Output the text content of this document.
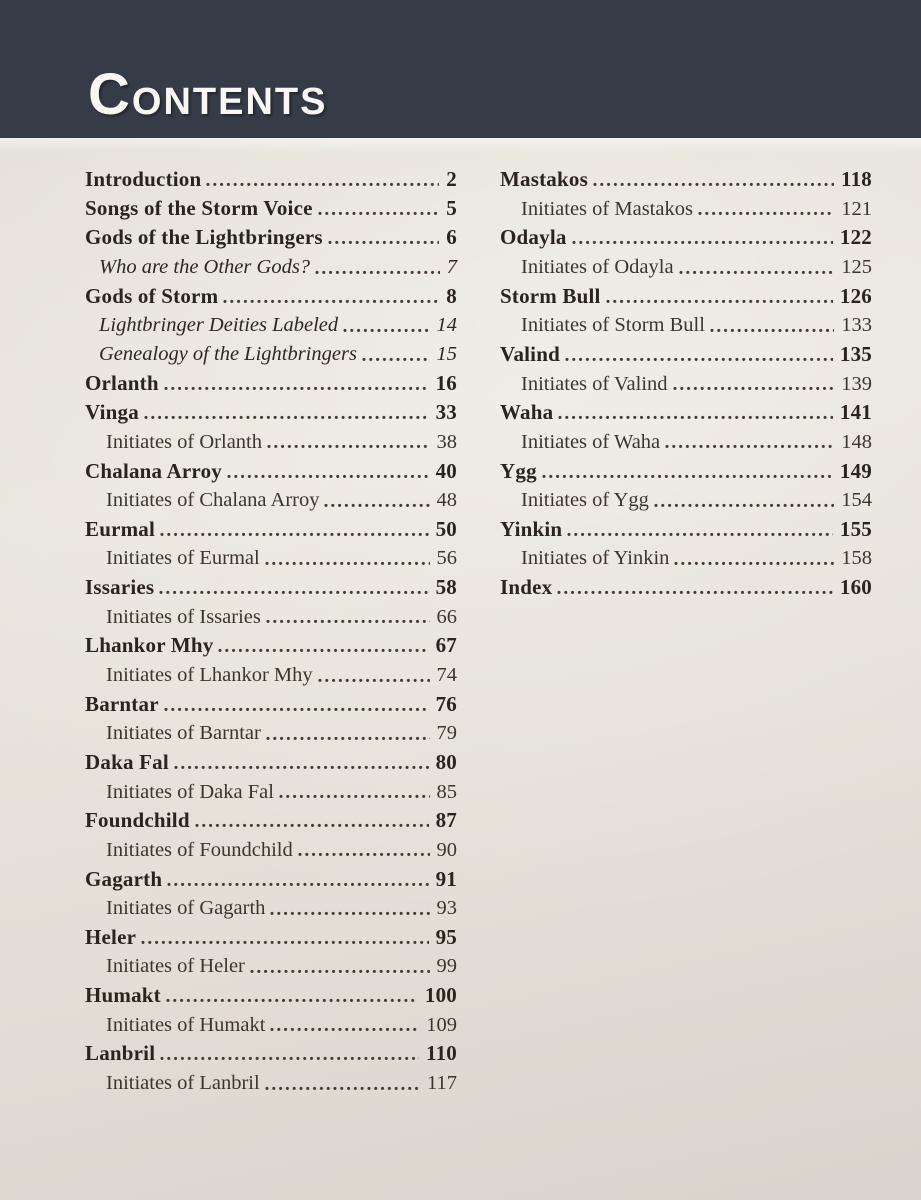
CONTENTS
Introduction	2
Songs of the Storm Voice	5
Gods of the Lightbringers	6
Who are the Other Gods?	7
Gods of Storm	8
Lightbringer Deities Labeled	14
Genealogy of the Lightbringers	15
Orlanth	16
Vinga	33
Initiates of Orlanth	38
Chalana Arroy	40
Initiates of Chalana Arroy	48
Eurmal	50
Initiates of Eurmal	56
Issaries	58
Initiates of Issaries	66
Lhankor Mhy	67
Initiates of Lhankor Mhy	74
Barntar	76
Initiates of Barntar	79
Daka Fal	80
Initiates of Daka Fal	85
Foundchild	87
Initiates of Foundchild	90
Gagarth	91
Initiates of Gagarth	93
Heler	95
Initiates of Heler	99
Humakt	100
Initiates of Humakt	109
Lanbril	110
Initiates of Lanbril	117
Mastakos	118
Initiates of Mastakos	121
Odayla	122
Initiates of Odayla	125
Storm Bull	126
Initiates of Storm Bull	133
Valind	135
Initiates of Valind	139
Waha	141
Initiates of Waha	148
Ygg	149
Initiates of Ygg	154
Yinkin	155
Initiates of Yinkin	158
Index	160
